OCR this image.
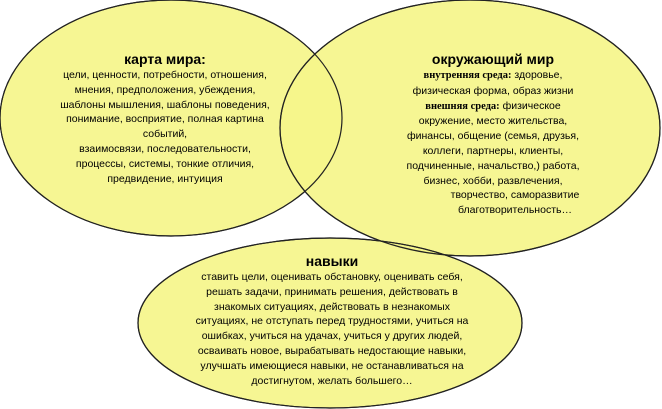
карта мира:
цели, ценности, потребности, отношения,
мнения, предположения, убеждения,
шаблоны мышления, шаблоны поведения,
понимание, восприятие, полная картина
событий,
взаимосвязи, последовательности,
процессы, системы, тонкие отличия,
предвидение, интуиция
окружающий мир
внутренняя среда: здоровье,
физическая форма, образ жизни
внешняя среда: физическое
окружение, место жительства,
финансы, общение (семья, друзья,
коллеги, партнеры, клиенты,
подчиненные, начальство,) работа,
бизнес, хобби, развлечения,
творчество, саморазвитие
благотворительность…
навыки
ставить цели, оценивать обстановку, оценивать себя,
решать задачи, принимать решения, действовать в
знакомых ситуациях, действовать в незнакомых
ситуациях, не отступать перед трудностями, учиться на
ошибках, учиться на удачах, учиться у других людей,
осваивать новое, вырабатывать недостающие навыки,
улучшать имеющиеся навыки, не останавливаться на
достигнутом, желать большего…
